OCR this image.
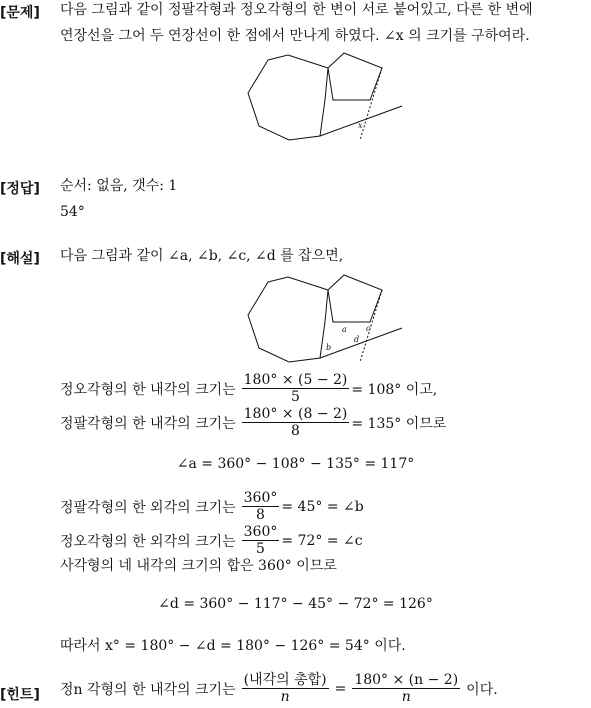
[문제] 다음 그림과 같이 정팔각형과 정오각형의 한 변이 서로 붙어있고, 다른 한 변에
연장선을 그어 두 연장선이 한 점에서 만나게 하였다. ∠x 의 크기를 구하여라.
x
[정답] 순서: 없음, 갯수: 1
54°
[해설] 다음 그림과 같이 ∠a, ∠b, ∠c, ∠d 를 잡으면,
a
b
c
d
정오각형의 한 내각의 크기는 $\frac{180^\circ \times (5 - 2)}{5} = 108^\circ$ 이고,
정팔각형의 한 내각의 크기는 $\frac{180^\circ \times (8 - 2)}{8} = 135^\circ$ 이므로
∠a = 360° − 108° − 135° = 117°
정팔각형의 한 외각의 크기는 $\frac{360^\circ}{8} = 45^\circ$ = ∠b
정오각형의 한 외각의 크기는 $\frac{360^\circ}{5} = 72^\circ$ = ∠c
사각형의 네 내각의 크기의 합은 360° 이므로
∠d = 360° − 117° − 45° − 72° = 126°
따라서 x° = 180° − ∠d = 180° − 126° = 54° 이다.
[힌트] 정n 각형의 한 내각의 크기는 $\frac{\text{(내각의 총합)}}{n} = \frac{180^\circ \times (n - 2)}{n}$ 이다.
